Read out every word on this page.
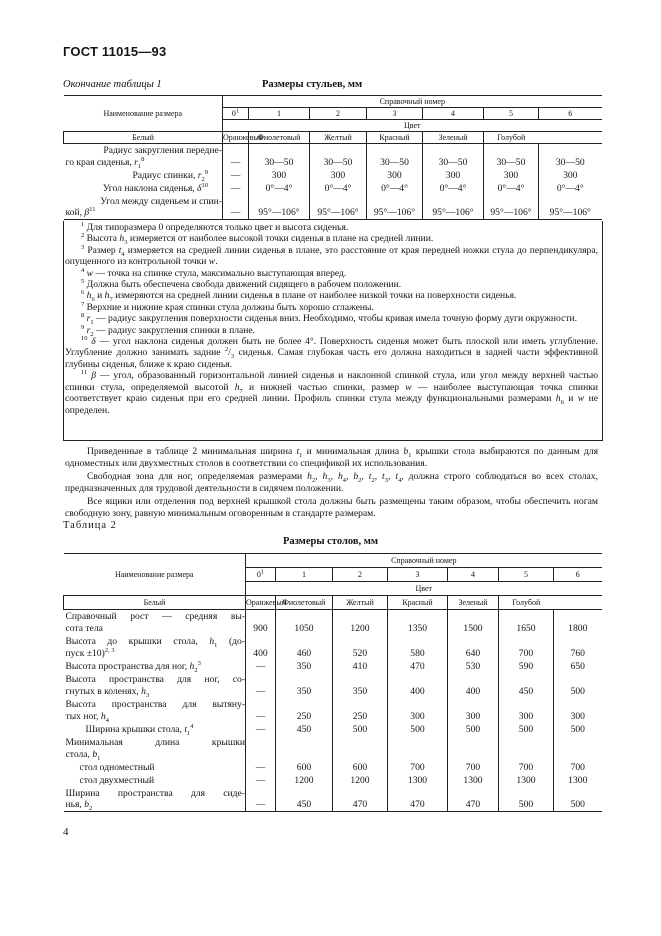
ГОСТ 11015—93
Окончание таблицы 1	Размеры стульев, мм
Наименование размера	Справочный номер						
	$0^1$	1	2	3	4	5	6
	Цвет						
Белый	Оранжевый	Фиолетовый	Желтый	Красный	Зеленый	Голубой	

Радиус закругления передне-
го края сиденья, $r_1^8$	—	30—50	30—50	30—50	30—50	30—50	30—50

Радиус спинки, $r_2^9$	—	300	300	300	300	300	300

Угол наклона сиденья, $\delta^{10}$	—	0°—4°	0°—4°	0°—4°	0°—4°	0°—4°	0°—4°

Угол между сиденьем и спин-
кой, $\beta^{11}$	—	95°—106°	95°—106°	95°—106°	95°—106°	95°—106°	95°—106°

$^1$ Для типоразмера 0 определяются только цвет и высота сиденья.

$^2$ Высота $h_3$ измеряется от наиболее высокой точки сиденья в плане на средней линии.

$^3$ Размер $t_4$ измеряется на средней линии сиденья в плане, это расстояние от края передней ножки стула до перпендикуляра, опущенного из контрольной точки w.

$^4$ w — точка на спинке стула, максимально выступающая вперед.

$^5$ Должна быть обеспечена свобода движений сидящего в рабочем положении.

$^6$ $h_6$ и $h_7$ измеряются на средней линии сиденья в плане от наиболее низкой точки на поверхности сиденья.

$^7$ Верхние и нижние края спинки стула должны быть хорошо сглажены.

$^8$ $r_1$ — радиус закругления поверхности сиденья вниз. Необходимо, чтобы кривая имела точную форму дуги окружности.

$^9$ $r_2$ — радиус закругления спинки в плане.

$^{10}$ δ — угол наклона сиденья должен быть не более 4°. Поверхность сиденья может быть плоской или иметь углубление. Углубление должно занимать задние $^2/_3$ сиденья. Самая глубокая часть его должна находиться в задней части эффективной глубины сиденья, ближе к краю сиденья.

$^{11}$ β — угол, образованный горизонтальной линией сиденья и наклонной спинкой стула, или угол между верхней частью спинки стула, определяемой высотой $h_7$ и нижней частью спинки, размер w — наиболее выступающая точка спинки соответствует краю сиденья при его средней линии. Профиль спинки стула между функциональными размерами $h_6$ и w не определен.

Приведенные в таблице 2 минимальная ширина $t_1$ и минимальная длина $b_1$ крышки стола выбираются по данным для одноместных или двухместных столов в соответствии со спецификой их использования.

Свободная зона для ног, определяемая размерами $h_2$, $h_3$, $h_4$, $b_2$, $t_2$, $t_3$, $t_4$, должна строго соблюдаться во всех столах, предназначенных для трудовой деятельности в сидячем положении.

Все ящики или отделения под верхней крышкой стола должны быть размещены таким образом, чтобы обеспечить ногам свободную зону, равную минимальным оговоренным в стандарте размерам.

Таблица 2
Размеры столов, мм
Наименование размера	Справочный номер						
	$0^1$	1	2	3	4	5	6
	Цвет						
Белый	Оранжевый	Фиолетовый	Желтый	Красный	Зеленый	Голубой	

Справочный рост — средняя вы-
сота тела	900	1050	1200	1350	1500	1650	1800

Высота до крышки стола, $h_1$ (до-
пуск ±10)$^{2, 3}$	400	460	520	580	640	700	760

Высота пространства для ног, $h_2^3$	—	350	410	470	530	590	650

Высота пространства для ног, со-
гнутых в коленях, $h_3$	—	350	350	400	400	450	500

Высота пространства для вытяну-
тых ног, $h_4$	—	250	250	300	300	300	300

Ширина крышки стола, $t_1^4$	—	450	500	500	500	500	500

Минимальная длина крышки
стола, $b_1$

стол одноместный	—	600	600	700	700	700	700

стол двухместный	—	1200	1200	1300	1300	1300	1300

Ширина пространства для сиде-
нья, $b_2$	—	450	470	470	470	500	500
4
